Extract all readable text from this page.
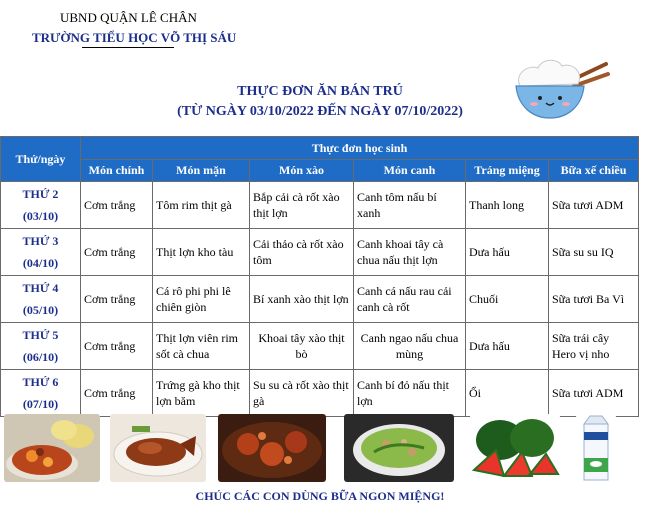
UBND QUẬN LÊ CHÂN
TRƯỜNG TIỂU HỌC VÕ THỊ SÁU
THỰC ĐƠN ĂN BÁN TRÚ
(TỪ NGÀY 03/10/2022 ĐẾN NGÀY 07/10/2022)
Thứ/ngày	Thực đơn học sinh					
	Món chính	Món mặn	Món xào	Món canh	Tráng miệng	Bữa xế chiều

THỨ 2
(03/10)	Cơm trắng	Tôm rim thịt gà	Bắp cải cà rốt xào thịt lợn	Canh tôm nấu bí xanh	Thanh long	Sữa tươi ADM

THỨ 3
(04/10)	Cơm trắng	Thịt lợn kho tàu	Cải thảo cà rốt xào tôm	Canh khoai tây cà chua nấu thịt lợn	Dưa hấu	Sữa su su IQ

THỨ 4
(05/10)	Cơm trắng	Cá rô phi phi lê chiên giòn	Bí xanh xào thịt lợn	Canh cá nấu rau cải canh cà rốt	Chuối	Sữa tươi Ba Vì

THỨ 5
(06/10)	Cơm trắng	Thịt lợn viên rim sốt cà chua	Khoai tây xào thịt bò	Canh ngao nấu chua mùng	Dưa hấu	Sữa trái cây Hero vị nho

THỨ 6
(07/10)	Cơm trắng	Trứng gà kho thịt lợn băm	Su su cà rốt xào thịt gà	Canh bí đỏ nấu thịt lợn	Ổi	Sữa tươi ADM
CHÚC CÁC CON DÙNG BỮA NGON MIỆNG!
